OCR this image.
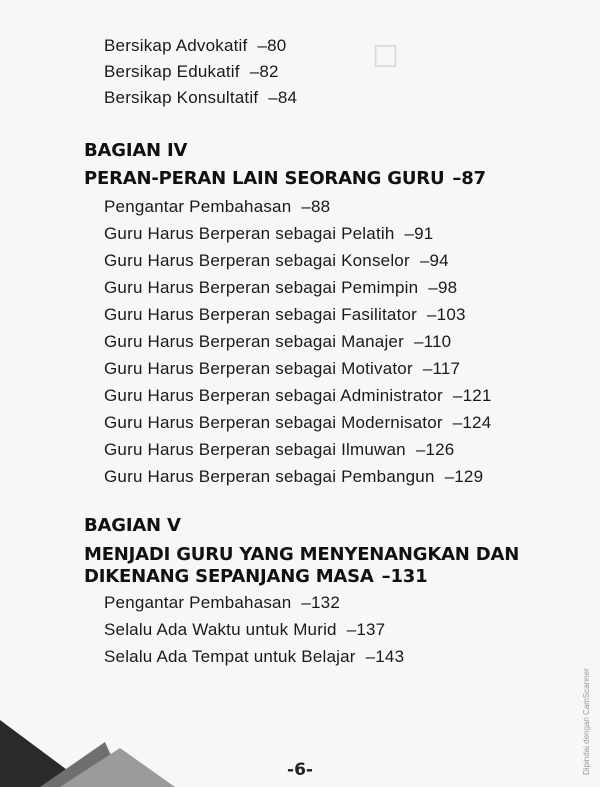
☐
Bersikap Advokatif –80
Bersikap Edukatif –82
Bersikap Konsultatif –84
BAGIAN IV
PERAN-PERAN LAIN SEORANG GURU –87
Pengantar Pembahasan –88
Guru Harus Berperan sebagai Pelatih –91
Guru Harus Berperan sebagai Konselor –94
Guru Harus Berperan sebagai Pemimpin –98
Guru Harus Berperan sebagai Fasilitator –103
Guru Harus Berperan sebagai Manajer –110
Guru Harus Berperan sebagai Motivator –117
Guru Harus Berperan sebagai Administrator –121
Guru Harus Berperan sebagai Modernisator –124
Guru Harus Berperan sebagai Ilmuwan –126
Guru Harus Berperan sebagai Pembangun –129
BAGIAN V
MENJADI GURU YANG MENYENANGKAN DAN
DIKENANG SEPANJANG MASA –131
Pengantar Pembahasan –132
Selalu Ada Waktu untuk Murid –137
Selalu Ada Tempat untuk Belajar –143
-6-	Dipindai dengan CamScanner
